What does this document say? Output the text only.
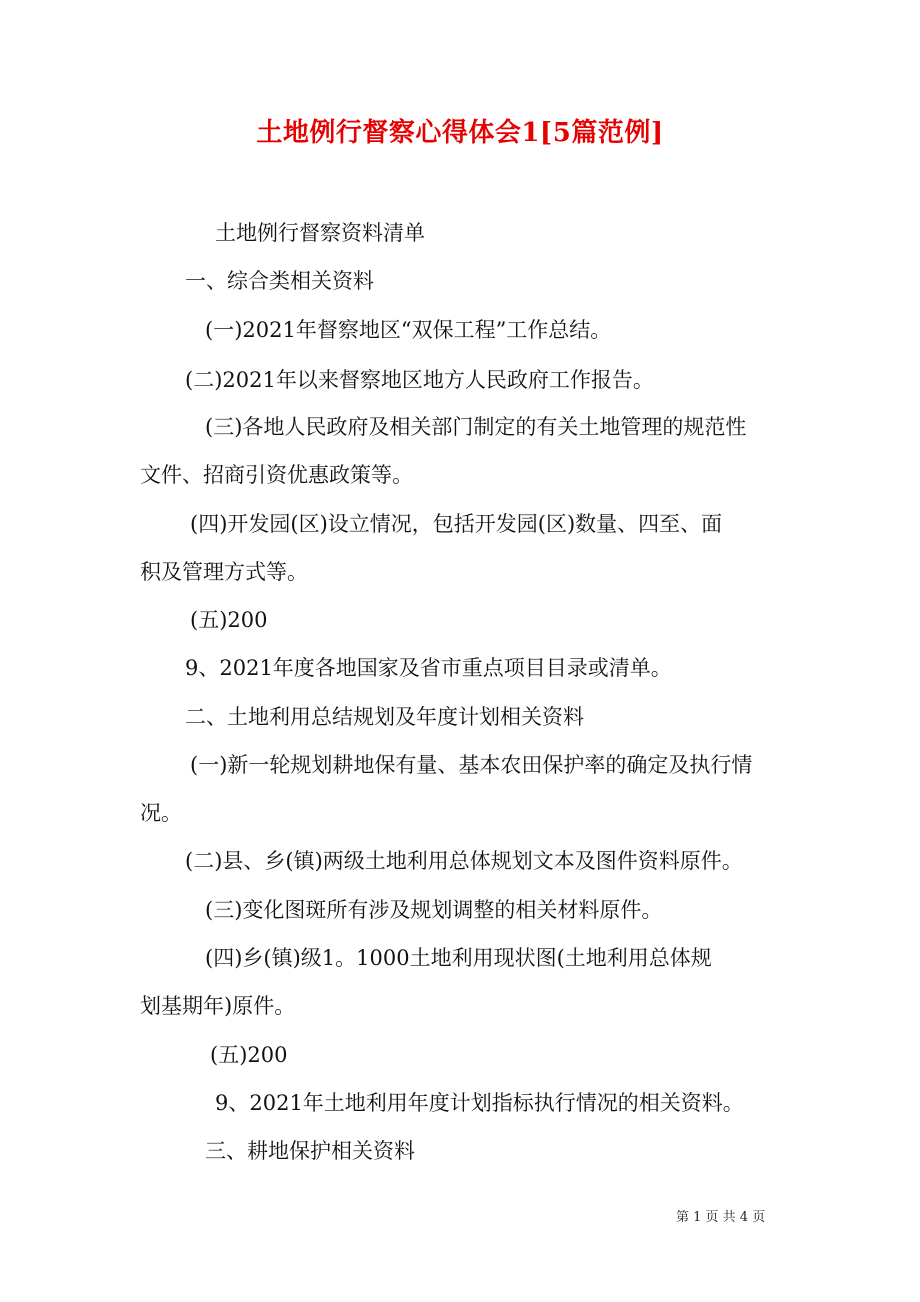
土地例行督察心得体会1[5篇范例]
土地例行督察资料清单
一、综合类相关资料
(一)2021年督察地区“双保工程”工作总结。
(二)2021年以来督察地区地方人民政府工作报告。
(三)各地人民政府及相关部门制定的有关土地管理的规范性
文件、招商引资优惠政策等。
(四)开发园(区)设立情况，包括开发园(区)数量、四至、面
积及管理方式等。
(五)200
9、2021年度各地国家及省市重点项目目录或清单。
二、土地利用总结规划及年度计划相关资料
(一)新一轮规划耕地保有量、基本农田保护率的确定及执行情
况。
(二)县、乡(镇)两级土地利用总体规划文本及图件资料原件。
(三)变化图斑所有涉及规划调整的相关材料原件。
(四)乡(镇)级1。1000土地利用现状图(土地利用总体规
划基期年)原件。
(五)200
9、2021年土地利用年度计划指标执行情况的相关资料。
三、耕地保护相关资料
第 1 页 共 4 页
